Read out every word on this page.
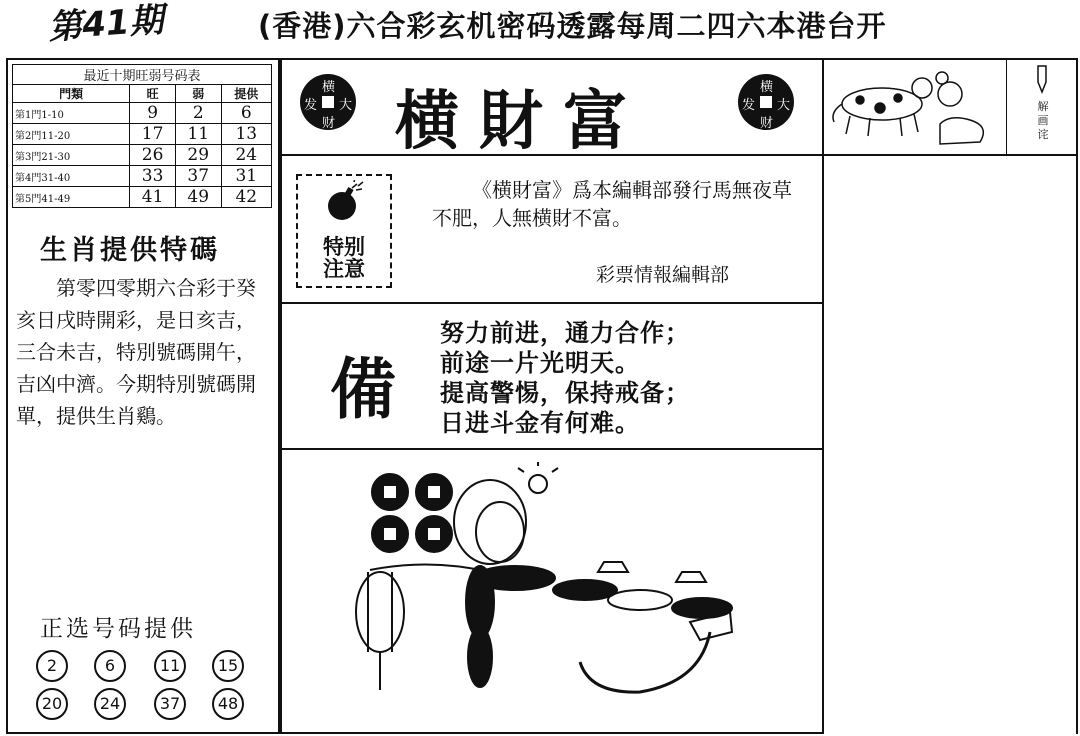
第41期	(香港)六合彩玄机密码透露每周二四六本港台开
最近十期旺弱号码表			
門類	旺	弱	提供
第1門1-10	9	2	6
第2門11-20	17	11	13
第3門21-30	26	29	24
第4門31-40	33	37	31
第5門41-49	41	49	42
生肖提供特碼
第零四零期六合彩于癸亥日戌時開彩，是日亥吉，三合未吉，特別號碼開午，吉凶中濟。今期特別號碼開單，提供生肖鷄。
正选号码提供
2	6	11	15
20	24	37	48
横
发 大
财
横
发 大
财
横財富
特别注意
《横財富》爲本編輯部發行馬無夜草不肥，人無横財不富。
彩票情報編輯部
備
努力前进，通力合作；
前途一片光明天。
提高警惕，保持戒备；
日进斗金有何难。
解画诧
